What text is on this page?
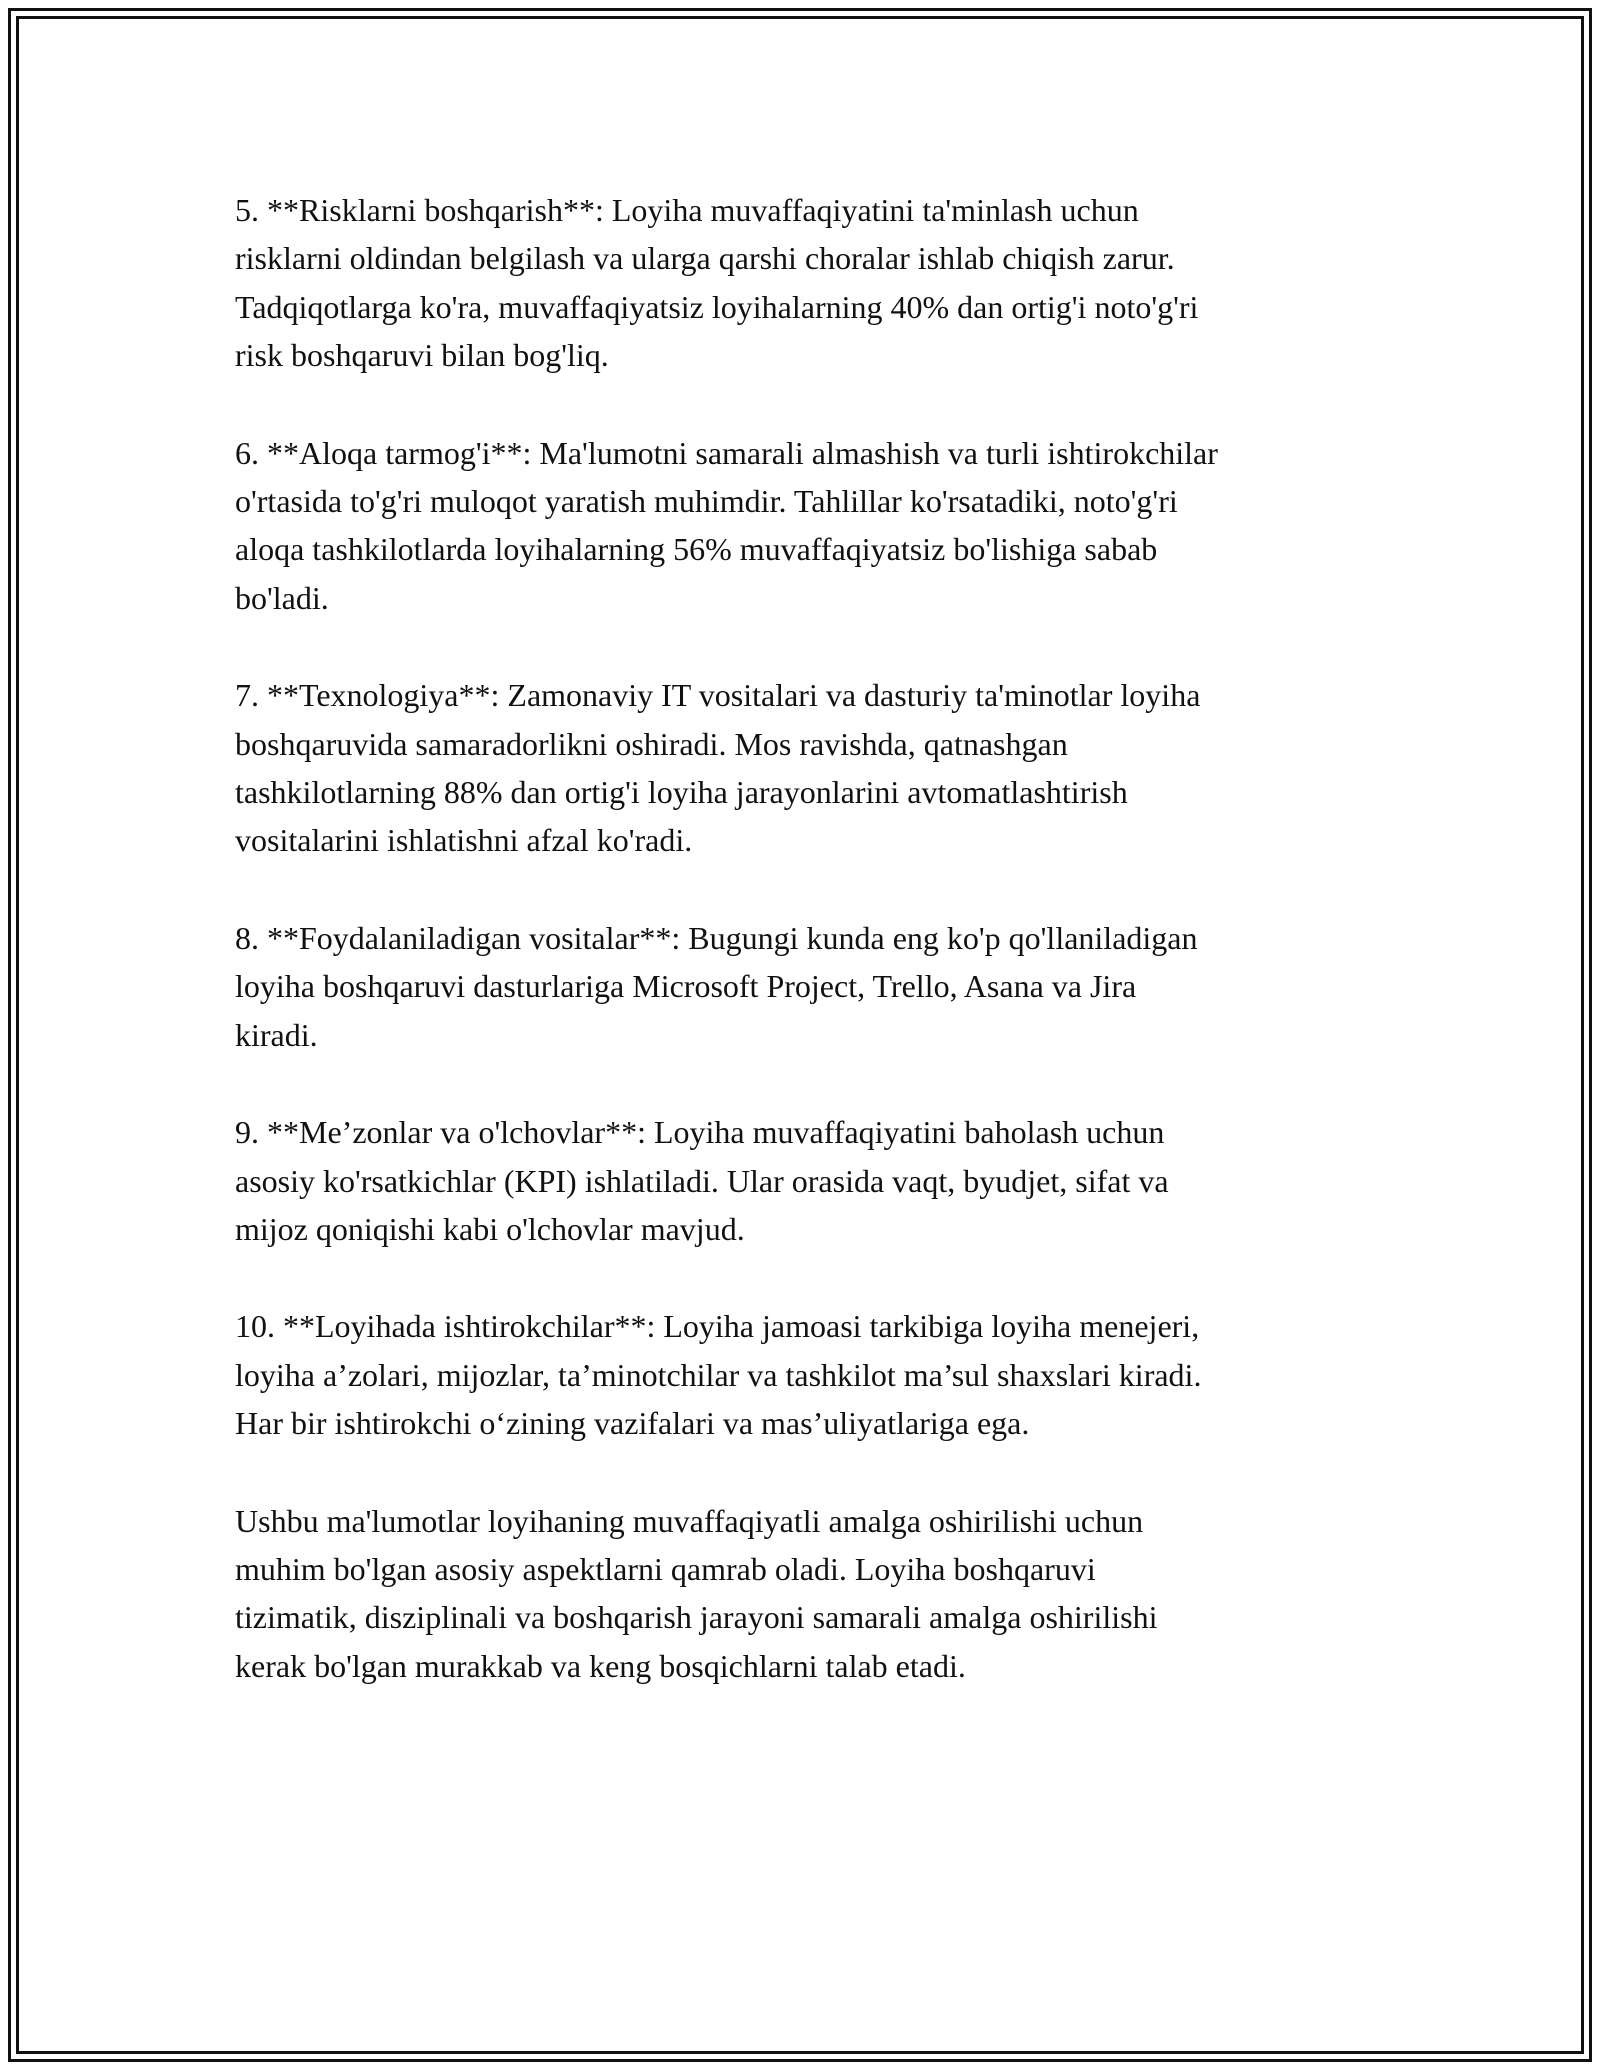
5. **Risklarni boshqarish**: Loyiha muvaffaqiyatini ta'minlash uchun
risklarni oldindan belgilash va ularga qarshi choralar ishlab chiqish zarur.
Tadqiqotlarga ko'ra, muvaffaqiyatsiz loyihalarning 40% dan ortig'i noto'g'ri
risk boshqaruvi bilan bog'liq.

6. **Aloqa tarmog'i**: Ma'lumotni samarali almashish va turli ishtirokchilar
o'rtasida to'g'ri muloqot yaratish muhimdir. Tahlillar ko'rsatadiki, noto'g'ri
aloqa tashkilotlarda loyihalarning 56% muvaffaqiyatsiz bo'lishiga sabab
bo'ladi.

7. **Texnologiya**: Zamonaviy IT vositalari va dasturiy ta'minotlar loyiha
boshqaruvida samaradorlikni oshiradi. Mos ravishda, qatnashgan
tashkilotlarning 88% dan ortig'i loyiha jarayonlarini avtomatlashtirish
vositalarini ishlatishni afzal ko'radi.

8. **Foydalaniladigan vositalar**: Bugungi kunda eng ko'p qo'llaniladigan
loyiha boshqaruvi dasturlariga Microsoft Project, Trello, Asana va Jira
kiradi.

9. **Me’zonlar va o'lchovlar**: Loyiha muvaffaqiyatini baholash uchun
asosiy ko'rsatkichlar (KPI) ishlatiladi. Ular orasida vaqt, byudjet, sifat va
mijoz qoniqishi kabi o'lchovlar mavjud.

10. **Loyihada ishtirokchilar**: Loyiha jamoasi tarkibiga loyiha menejeri,
loyiha a’zolari, mijozlar, ta’minotchilar va tashkilot ma’sul shaxslari kiradi.
Har bir ishtirokchi o‘zining vazifalari va mas’uliyatlariga ega.

Ushbu ma'lumotlar loyihaning muvaffaqiyatli amalga oshirilishi uchun
muhim bo'lgan asosiy aspektlarni qamrab oladi. Loyiha boshqaruvi
tizimatik, disziplinali va boshqarish jarayoni samarali amalga oshirilishi
kerak bo'lgan murakkab va keng bosqichlarni talab etadi.
